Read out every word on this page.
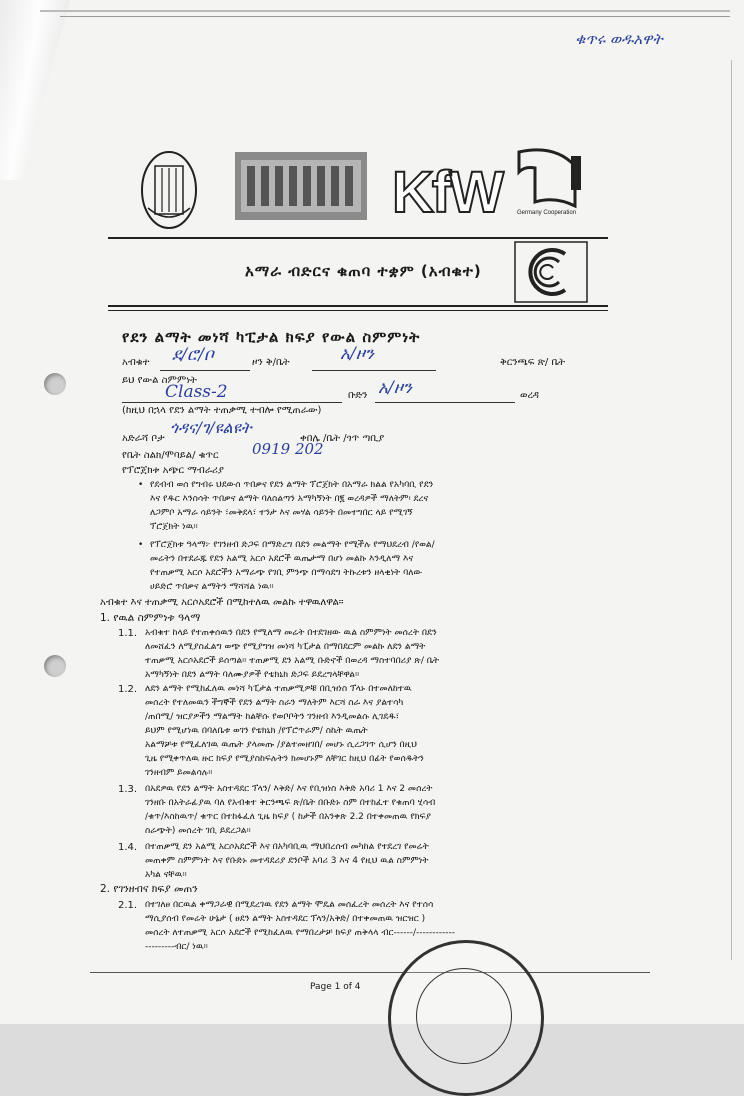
ቁጥሩ ወዱአዋት
KfW	Germany Cooperation
አማራ ብድርና ቁጠባ ተቋም (አብቁተ)
የደን ልማት መነሻ ካፒታል ክፍያ የውል ስምምነት
አብቁተ ደ/ሮ/ቦ	ዞን ቅ/ቤት	አ/ዞን	ቅርንጫፍ ጽ/ ቤት
ይህ የውል ስምምነት
Class-2	ቡድን አ/ዞን	ወረዳ
(ከዚህ በኋላ የደን ልማት ተጠቃሚ ተብሎ የሚጠራው)
አድራሻ ቦታ
ጎዳና/ገ/ዩልዩት
ቀበሌ /ቤት /ጎጥ ጣቢያ
የቤት ስልክ/ሞባይል/ ቁጥር 0919 202
የፕሮጀክቱ አጭር ማብራሪያ
• የደብብ ወሰ የግብሩ ህደውሰ ጥበቃና የደን ልማት ፕሮጀክት በአማራ ክልል የአካባቢ የደን
እና የዱር እንስሳት ጥበቃና ልማት ባለስልጣን አማካኝነት በ፪ ወረዳዎች ማለትም፡ ደረና
ለጋምቦ አማራ ሳይንት ፣መቅደላ፣ ተንታ እና መሃል ሳይንት በመተግበር ላይ የሚገኝ
ፕሮጀክት ነዉ።
• የፕሮጀክቱ ዓላማ፦ የገንዘብ ድጋፍ በማድረግ በደን መልማት የሚችሉ የማህደረብ /የወል/
መሬትን በተደራጁ የደን አልሚ አርሶ አደሮች ዉጤታማ በሆነ መልኩ እንዲለማ እና
የተጠቃሚ አርሶ አደሮችን አማራጭ የገቢ ምንጭ በማሳደግ ትኩረቱን ዘላቂነት ባለው
ሀይድሮ ጥበቃና ልማትን ማሻሻል ነዉ።
አብቁተ እና ተጠቃሚ አርሶአደሮች በሚከተለዉ መልኩ ተዋዉለዋል።
1. የዉል ስምምነቱ ዓላማ
1.1. አብቁተ ከላይ የተጠቀሰዉን በደን የሚለማ መሬት በተደገዘው ዉል ስምምነት መሰረት በደን
ለመሸፈን ለሚያስፈልግ ወጭ የሚያግዝ መነሻ ካፒታል በማበደርም መልኩ ለደን ልማት
ተጠቃሚ አርሶአደሮች ይሰጣል። ተጠቃሚ ደን አልሚ ቡድኖች በወረዳ ማስተባበሪያ ጽ/ ቤት
አማካኝነት በደን ልማት ባለሙያዎች የቴክኒክ ድጋፍ ይደረግላቸዋል።
1.2. ለደን ልማት የሚከፈለዉ መነሻ ካፒታል ተጠቃሚዎቹ በቢዝነስ ፕላኑ በተመለከተዉ
መሰረት የተለመዉን ችግኞች የደን ልማት ስራን ማለትም እርሻ ስራ እና ያልተሳካ
/ጠበሚ/ ዝርያዎችን ማልማት ከልቸሱ የወቦቦትን ገንዘብ እንዲመልሱ ሊገደዱ፣
ይህም የሚሆነዉ በባለቤቱ ወገን የቴክኒክ /የፕሮጥራም/ ስኬት ዉጤት
አልማቻቱ የሚፈለገዉ ዉጤት ያላመጡ /ያልተመዘገበ/ መሆኑ ሲረጋገጥ ሲሆን በዚህ
ጊዜ የሚቀጥለዉ ዙር ክፍያ የሚያስከፍሉትን ክመሆኑም ለቸገር ከዚህ በፊት የወሰዱትን
ገንዘብም ይመልሳሉ።
1.3. በአደዎዉ የደን ልማት አስተዳደር ፕላን/ እቅድ/ እና የቢዝነስ እቅድ አባሪ 1 እና 2 መሰረት
ገንዘቡ በአትራፊያዉ ባለ የአብቁተ ቅርንጫፍ ጽ/ቤት በቡድኑ ስም በተከፈተ የቁጠባ ሂሳብ
/ቁጥ/እስከዉጥ/ ቁጥር በተከፋፈለ ጊዜ ክፍያ ( ከታች በአንቀጽ 2.2 በተቀመጠዉ የክፍያ
ስራጭት) መሰረት ገቢ ይደረጋል።
1.4. በተጠቃሚ ደን አልሚ አርሶአደሮች እና በአካባቢዉ ማህበረሰብ መካከል የተደረገ የመሬት
መጠቀም ስምምነት እና የቡድኑ መተዳደሪያ ደንቦች አባሪ 3 እና 4 የዚህ ዉል ስምምነት
አካል ናቸዉ።
2. የገንዘብና ክፍያ መጠን
2.1. በተገለፀ በርዉል ቀማጋራዊ በሚደረገዉ የደን ልማት ሞዴል መሰፈረት መሰረት እና የተሰሳ
ማሲያሰብ የመሬት ሁኔታ ( ፀደን ልማት አስተዳደር ፕላን/አቅድ/ በተቀመጠዉ ዝርዝር )
መሰረት ለተጠቃሚ አርሶ አደሮች የሚከፈለዉ የማበረታቻ ክፍያ ጠቅላላ ብር------/------------
---------ብር/ ነዉ።
Page 1 of 4
